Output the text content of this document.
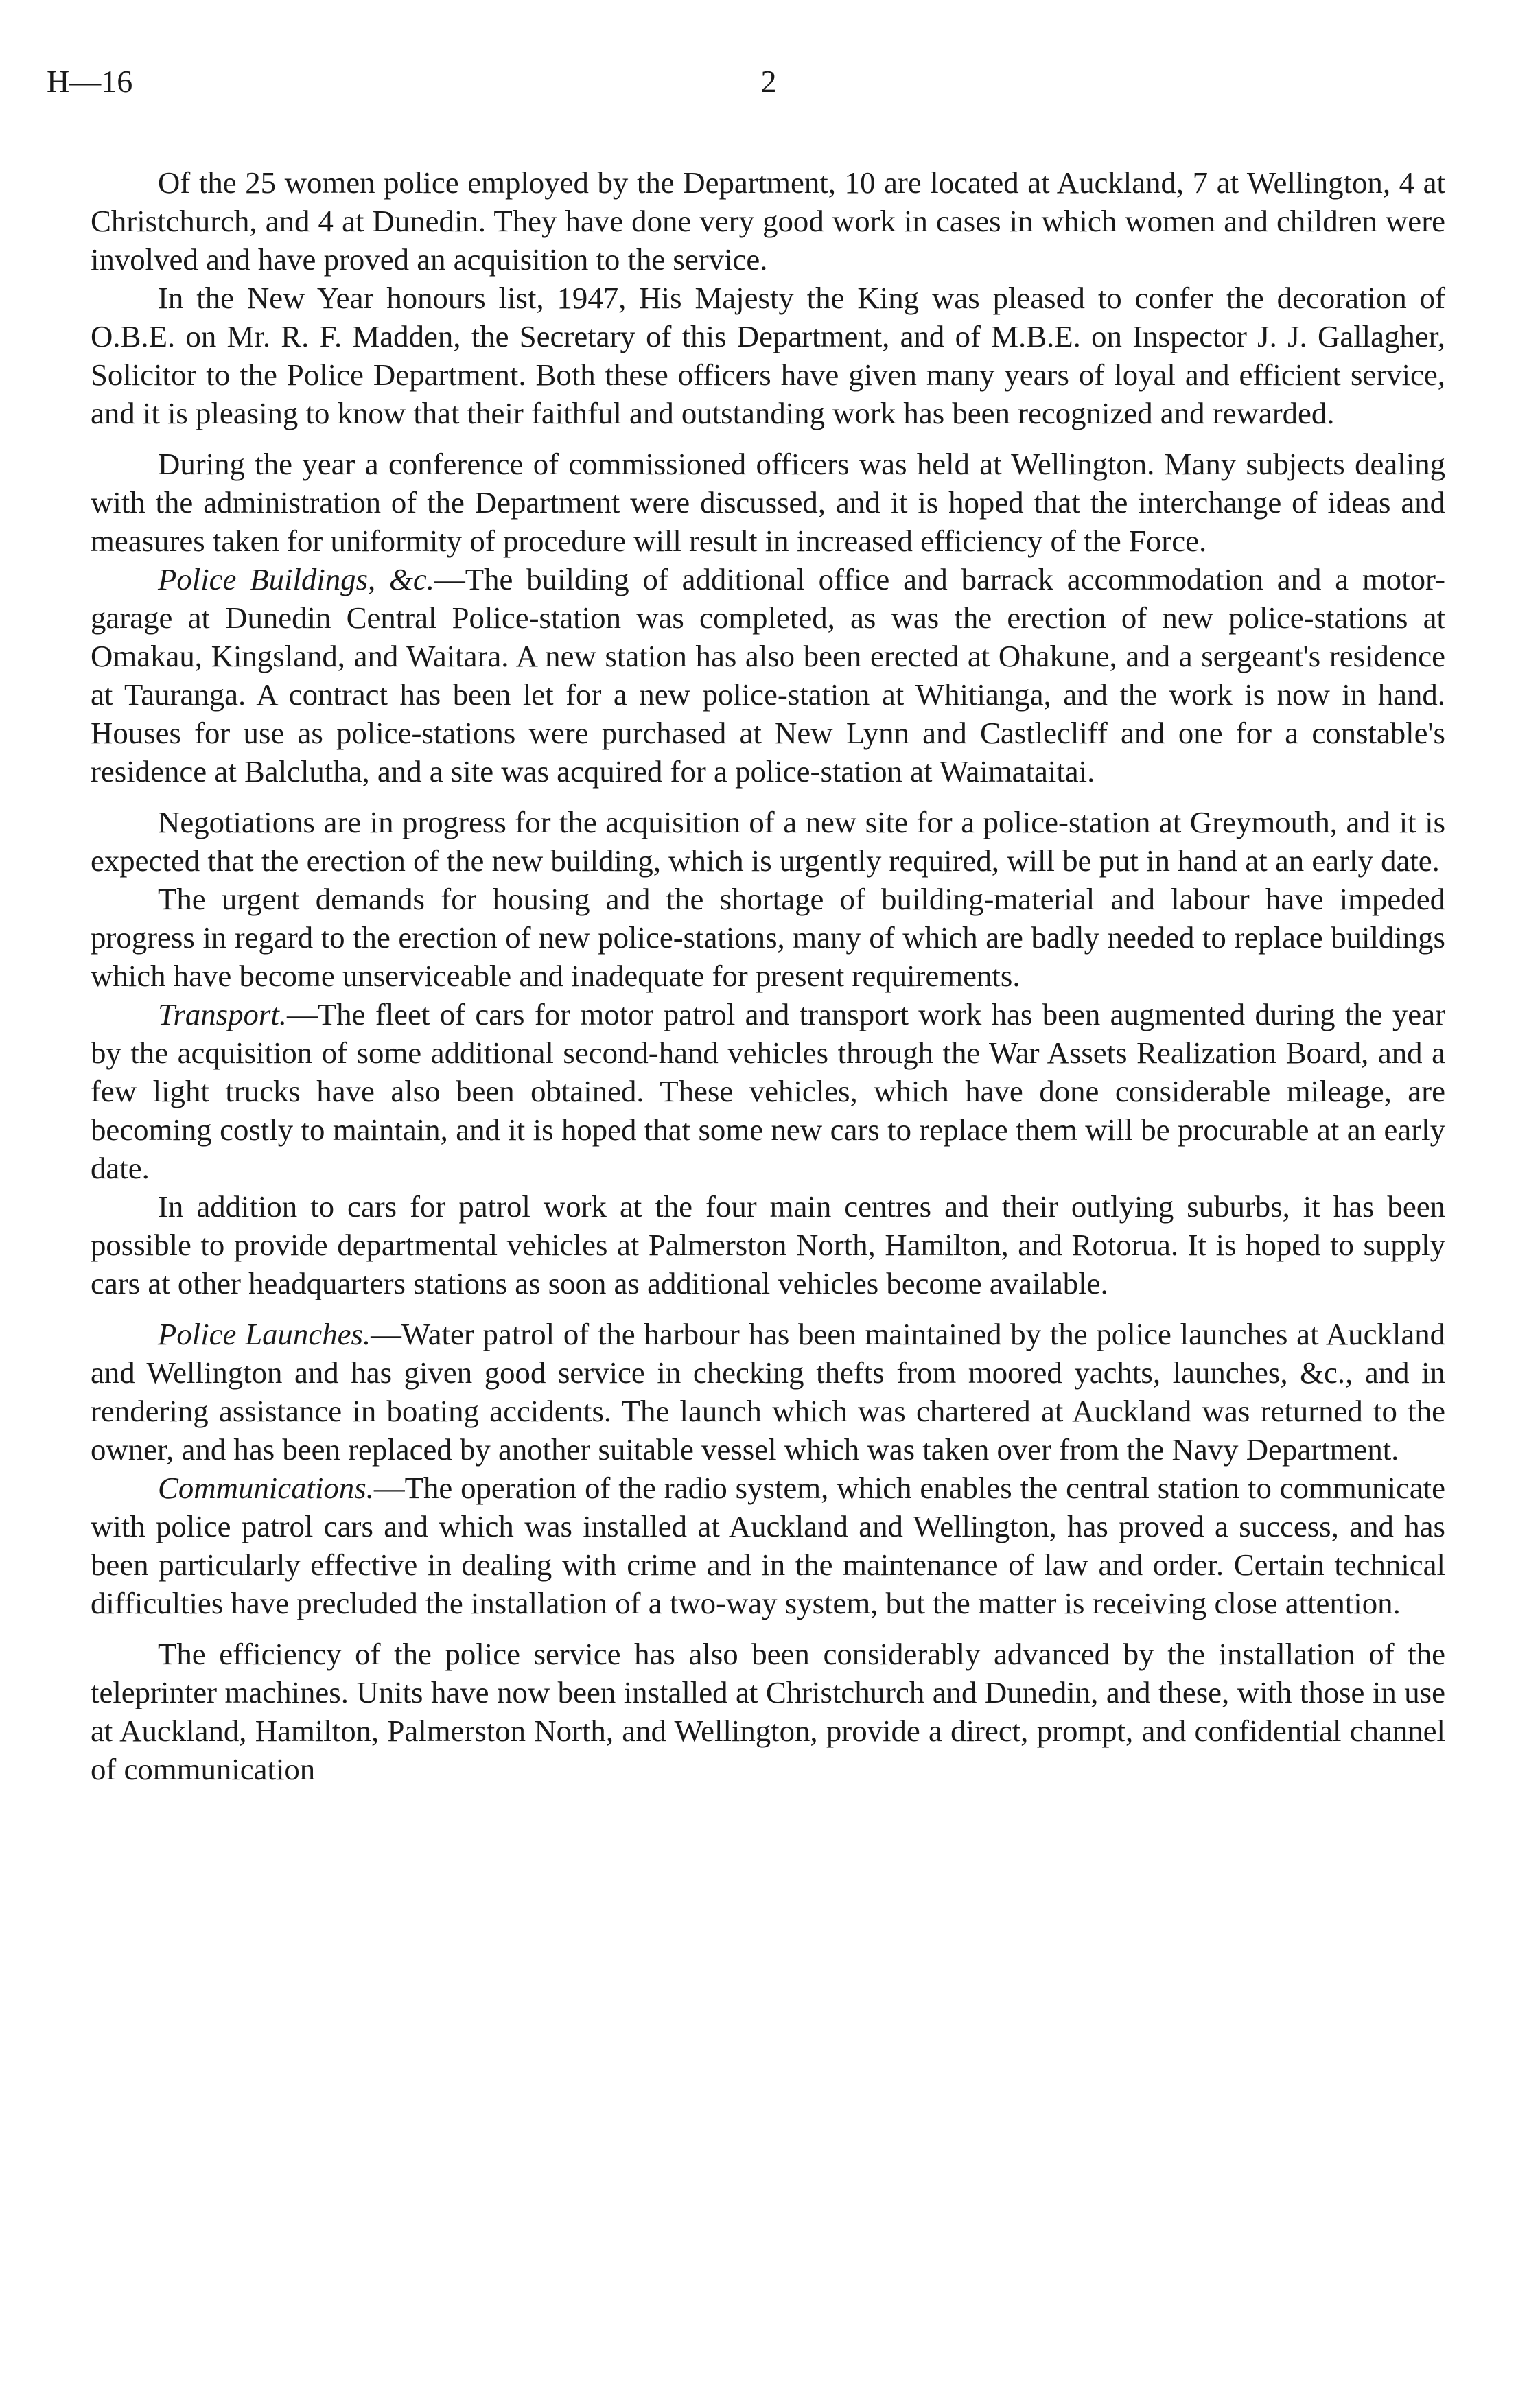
H—16	2

Of the 25 women police employed by the Department, 10 are located at Auckland, 7 at Wellington, 4 at Christchurch, and 4 at Dunedin. They have done very good work in cases in which women and children were involved and have proved an acquisition to the service.

In the New Year honours list, 1947, His Majesty the King was pleased to confer the decoration of O.B.E. on Mr. R. F. Madden, the Secretary of this Department, and of M.B.E. on Inspector J. J. Gallagher, Solicitor to the Police Department. Both these officers have given many years of loyal and efficient service, and it is pleasing to know that their faithful and outstanding work has been recognized and rewarded.

During the year a conference of commissioned officers was held at Wellington. Many subjects dealing with the administration of the Department were discussed, and it is hoped that the interchange of ideas and measures taken for uniformity of procedure will result in increased efficiency of the Force.

Police Buildings, &c.—The building of additional office and barrack accommodation and a motor-garage at Dunedin Central Police-station was completed, as was the erection of new police-stations at Omakau, Kingsland, and Waitara. A new station has also been erected at Ohakune, and a sergeant's residence at Tauranga. A contract has been let for a new police-station at Whitianga, and the work is now in hand. Houses for use as police-stations were purchased at New Lynn and Castlecliff and one for a constable's residence at Balclutha, and a site was acquired for a police-station at Waimataitai.

Negotiations are in progress for the acquisition of a new site for a police-station at Greymouth, and it is expected that the erection of the new building, which is urgently required, will be put in hand at an early date.

The urgent demands for housing and the shortage of building-material and labour have impeded progress in regard to the erection of new police-stations, many of which are badly needed to replace buildings which have become unserviceable and inadequate for present requirements.

Transport.—The fleet of cars for motor patrol and transport work has been augmented during the year by the acquisition of some additional second-hand vehicles through the War Assets Realization Board, and a few light trucks have also been obtained. These vehicles, which have done considerable mileage, are becoming costly to maintain, and it is hoped that some new cars to replace them will be procurable at an early date.

In addition to cars for patrol work at the four main centres and their outlying suburbs, it has been possible to provide departmental vehicles at Palmerston North, Hamilton, and Rotorua. It is hoped to supply cars at other headquarters stations as soon as additional vehicles become available.

Police Launches.—Water patrol of the harbour has been maintained by the police launches at Auckland and Wellington and has given good service in checking thefts from moored yachts, launches, &c., and in rendering assistance in boating accidents. The launch which was chartered at Auckland was returned to the owner, and has been replaced by another suitable vessel which was taken over from the Navy Department.

Communications.—The operation of the radio system, which enables the central station to communicate with police patrol cars and which was installed at Auckland and Wellington, has proved a success, and has been particularly effective in dealing with crime and in the maintenance of law and order. Certain technical difficulties have precluded the installation of a two-way system, but the matter is receiving close attention.

The efficiency of the police service has also been considerably advanced by the installation of the teleprinter machines. Units have now been installed at Christchurch and Dunedin, and these, with those in use at Auckland, Hamilton, Palmerston North, and Wellington, provide a direct, prompt, and confidential channel of communication
